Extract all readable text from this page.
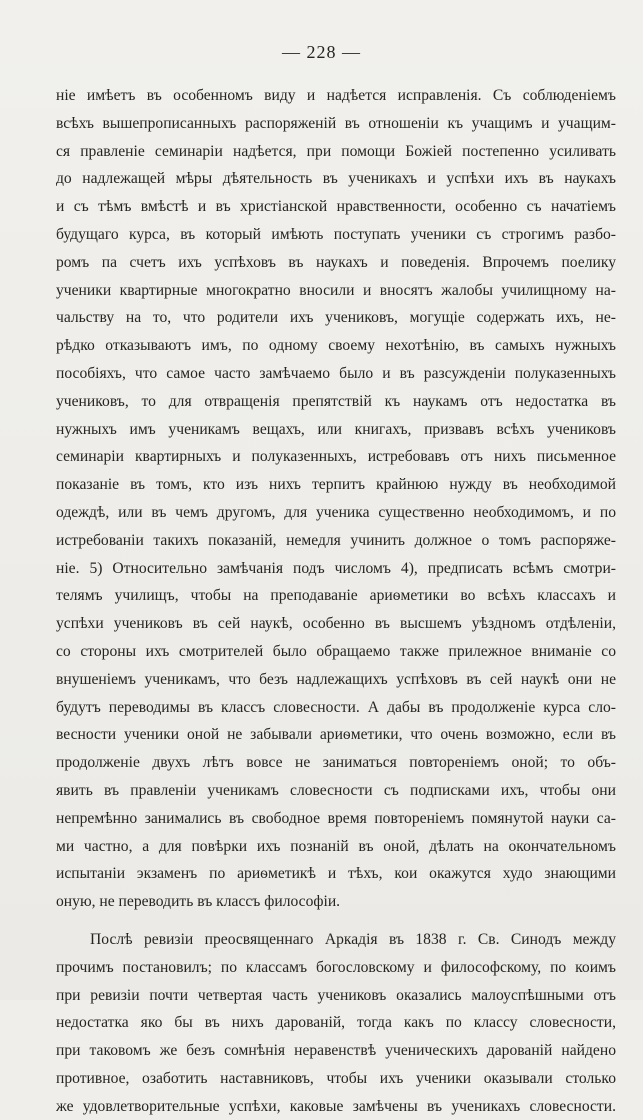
— 228 —
ніе имѣетъ въ особенномъ виду и надѣется исправленія. Съ соблюденіемъ
всѣхъ вышепрописанныхъ распоряженій въ отношеніи къ учащимъ и учащим-
ся правленіе семинаріи надѣется, при помощи Божіей постепенно усиливать
до надлежащей мѣры дѣятельность въ ученикахъ и успѣхи ихъ въ наукахъ
и съ тѣмъ вмѣстѣ и въ христіанской нравственности, особенно съ начатіемъ
будущаго курса, въ который имѣють поступать ученики съ строгимъ разбо-
ромъ па счетъ ихъ успѣховъ въ наукахъ и поведенія. Впрочемъ поелику
ученики квартирные многократно вносили и вносятъ жалобы училищному на-
чальству на то, что родители ихъ учениковъ, могущіе содержать ихъ, не-
рѣдко отказываютъ имъ, по одному своему нехотѣнію, въ самыхъ нужныхъ
пособіяхъ, что самое часто замѣчаемо было и въ разсужденіи полуказенныхъ
учениковъ, то для отвращенія препятствій къ наукамъ отъ недостатка въ
нужныхъ имъ ученикамъ вещахъ, или книгахъ, призвавъ всѣхъ учениковъ
семинаріи квартирныхъ и полуказенныхъ, истребовавъ отъ нихъ письменное
показаніе въ томъ, кто изъ нихъ терпитъ крайнюю нужду въ необходимой
одеждѣ, или въ чемъ другомъ, для ученика существенно необходимомъ, и по
истребованіи такихъ показаній, немедля учинить должное о томъ распоряже-
ніе. 5) Относительно замѣчанія подъ числомъ 4), предписать всѣмъ смотри-
телямъ училищъ, чтобы на преподаваніе ариѳметики во всѣхъ классахъ и
успѣхи учениковъ въ сей наукѣ, особенно въ высшемъ уѣздномъ отдѣленіи,
со стороны ихъ смотрителей было обращаемо также прилежное вниманіе со
внушеніемъ ученикамъ, что безъ надлежащихъ успѣховъ въ сей наукѣ они не
будутъ переводимы въ классъ словесности. А дабы въ продолженіе курса сло-
весности ученики оной не забывали ариѳметики, что очень возможно, если въ
продолженіе двухъ лѣтъ вовсе не заниматься повтореніемъ оной; то объ-
явить въ правленіи ученикамъ словесности съ подписками ихъ, чтобы они
непремѣнно занимались въ свободное время повтореніемъ помянутой науки са-
ми частно, а для повѣрки ихъ познаній въ оной, дѣлать на окончательномъ
испытаніи экзаменъ по ариѳметикѣ и тѣхъ, кои окажутся худо знающими
оную, не переводить въ классъ философіи.
Послѣ ревизіи преосвященнаго Аркадія въ 1838 г. Св. Синодъ между
прочимъ постановилъ; по классамъ богословскому и философскому, по коимъ
при ревизіи почти четвертая часть учениковъ оказались малоуспѣшными отъ
недостатка яко бы въ нихъ дарованій, тогда какъ по классу словесности,
при таковомъ же безъ сомнѣнія неравенствѣ ученическихъ дарованій найдено
противное, озаботить наставниковъ, чтобы ихъ ученики оказывали столько
же удовлетворительные успѣхи, каковые замѣчены въ ученикахъ словесности.
